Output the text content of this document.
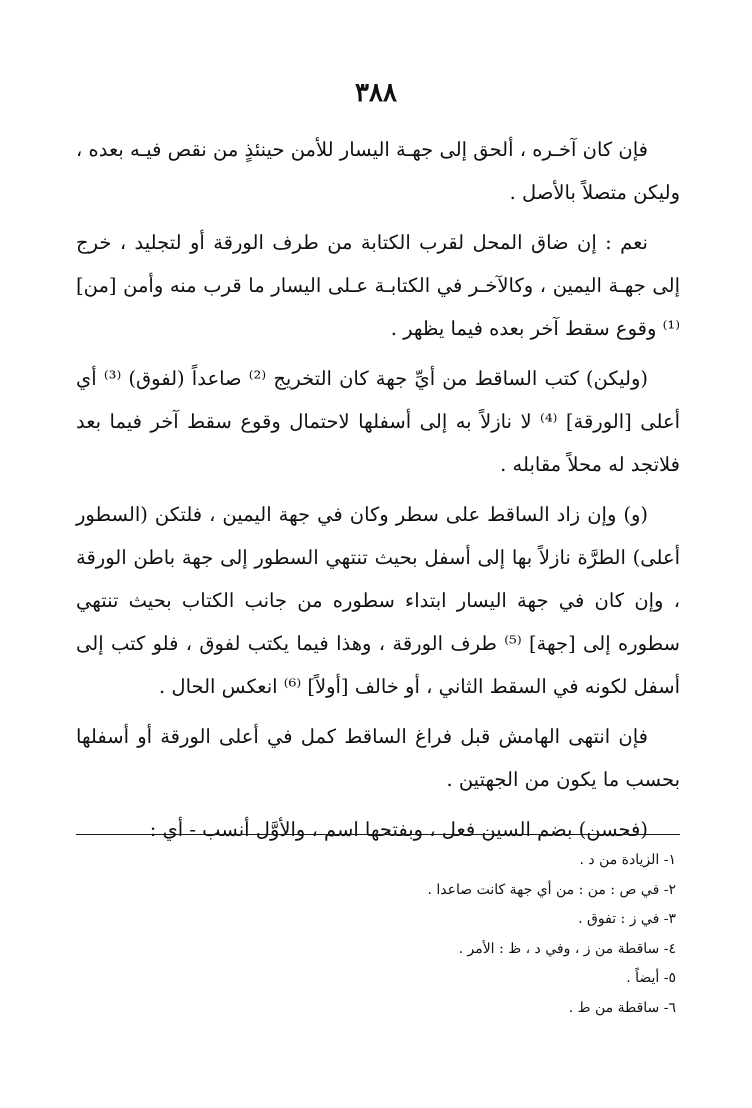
٣٨٨

فإن كان آخـره ، ألحق إلى جهـة اليسار للأمن حينئذٍ من نقص فيـه بعده ، وليكن متصلاً بالأصل .

نعم : إن ضاق المحل لقرب الكتابة من طرف الورقة أو لتجليد ، خرج إلى جهـة اليمين ، وكالآخـر في الكتابـة عـلى اليسار ما قرب منه وأمن [من] ⁽¹⁾ وقوع سقط آخر بعده فيما يظهر .

(وليكن) كتب الساقط من أيِّ جهة كان التخريج ⁽²⁾ صاعداً (لفوق) ⁽³⁾ أي أعلى [الورقة] ⁽⁴⁾ لا نازلاً به إلى أسفلها لاحتمال وقوع سقط آخر فيما بعد فلاتجد له محلاً مقابله .

(و) وإن زاد الساقط على سطر وكان في جهة اليمين ، فلتكن (السطور أعلى) الطرَّة نازلاً بها إلى أسفل بحيث تنتهي السطور إلى جهة باطن الورقة ، وإن كان في جهة اليسار ابتداء سطوره من جانب الكتاب بحيث تنتهي سطوره إلى [جهة] ⁽⁵⁾ طرف الورقة ، وهذا فيما يكتب لفوق ، فلو كتب إلى أسفل لكونه في السقط الثاني ، أو خالف [أولاً] ⁽⁶⁾ انعكس الحال .

فإن انتهى الهامش قبل فراغ الساقط كمل في أعلى الورقة أو أسفلها بحسب ما يكون من الجهتين .

(فحسن) بضم السين فعل ، وبفتحها اسم ، والأوَّل أنسب - أي :

١- الزيادة من د .

٢- في ص : من : من أي جهة كانت صاعدا .

٣- في ز : تفوق .

٤- ساقطة من ز ، وفي د ، ظ : الأمر .

٥- أيضاً .

٦- ساقطة من ط .
